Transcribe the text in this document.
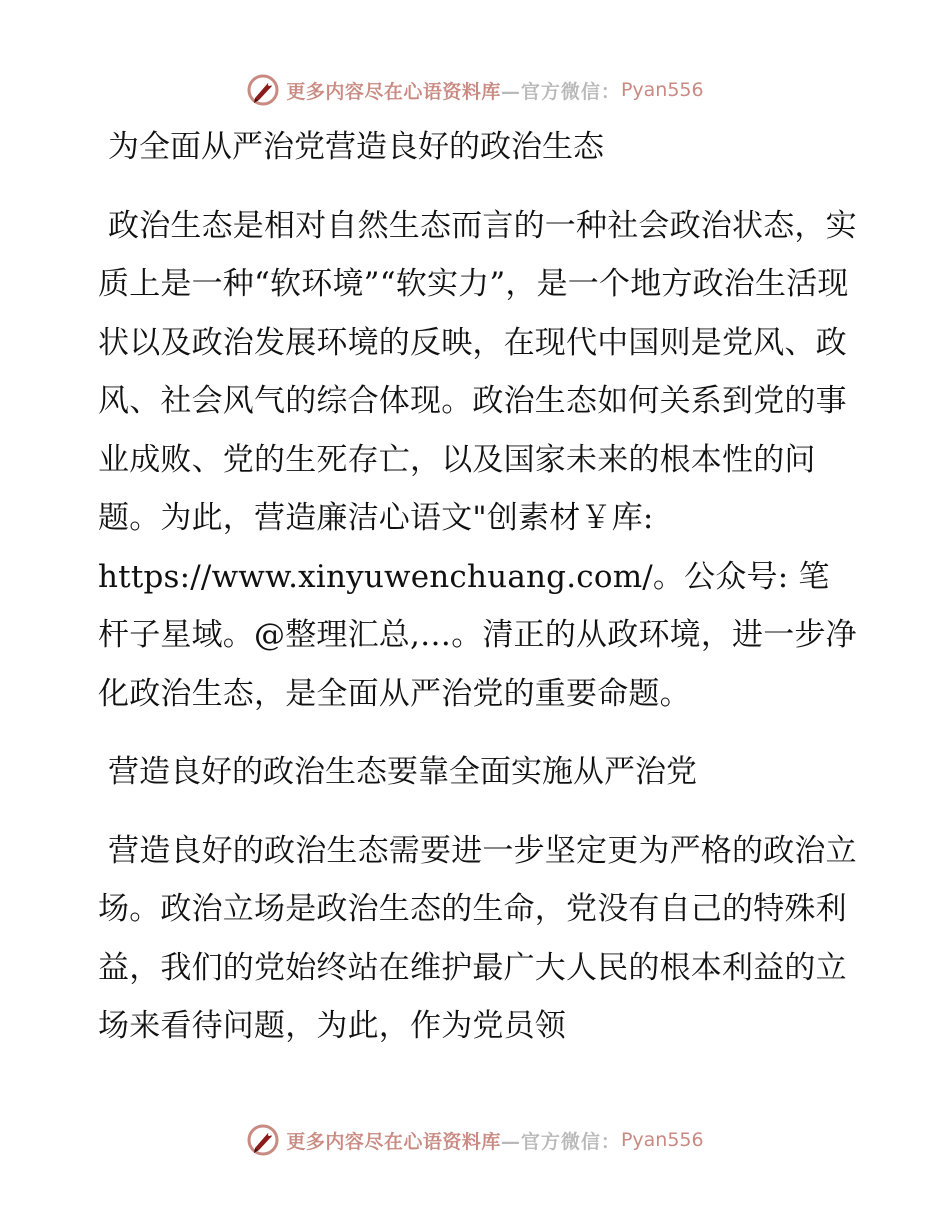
更多内容尽在心语资料库 —官方微信： Pyan556

为全面从严治党营造良好的政治生态

政治生态是相对自然生态而言的一种社会政治状态，实质上是一种“软环境”“软实力”，是一个地方政治生活现状以及政治发展环境的反映，在现代中国则是党风、政风、社会风气的综合体现。政治生态如何关系到党的事业成败、党的生死存亡，以及国家未来的根本性的问题。为此，营造廉洁心语文"创素材￥库: https://www.xinyuwenchuang.com/。公众号: 笔杆子星域。@整理汇总,…。清正的从政环境，进一步净化政治生态，是全面从严治党的重要命题。

营造良好的政治生态要靠全面实施从严治党

营造良好的政治生态需要进一步坚定更为严格的政治立场。政治立场是政治生态的生命，党没有自己的特殊利益，我们的党始终站在维护最广大人民的根本利益的立场来看待问题，为此，作为党员领

更多内容尽在心语资料库 —官方微信： Pyan556
